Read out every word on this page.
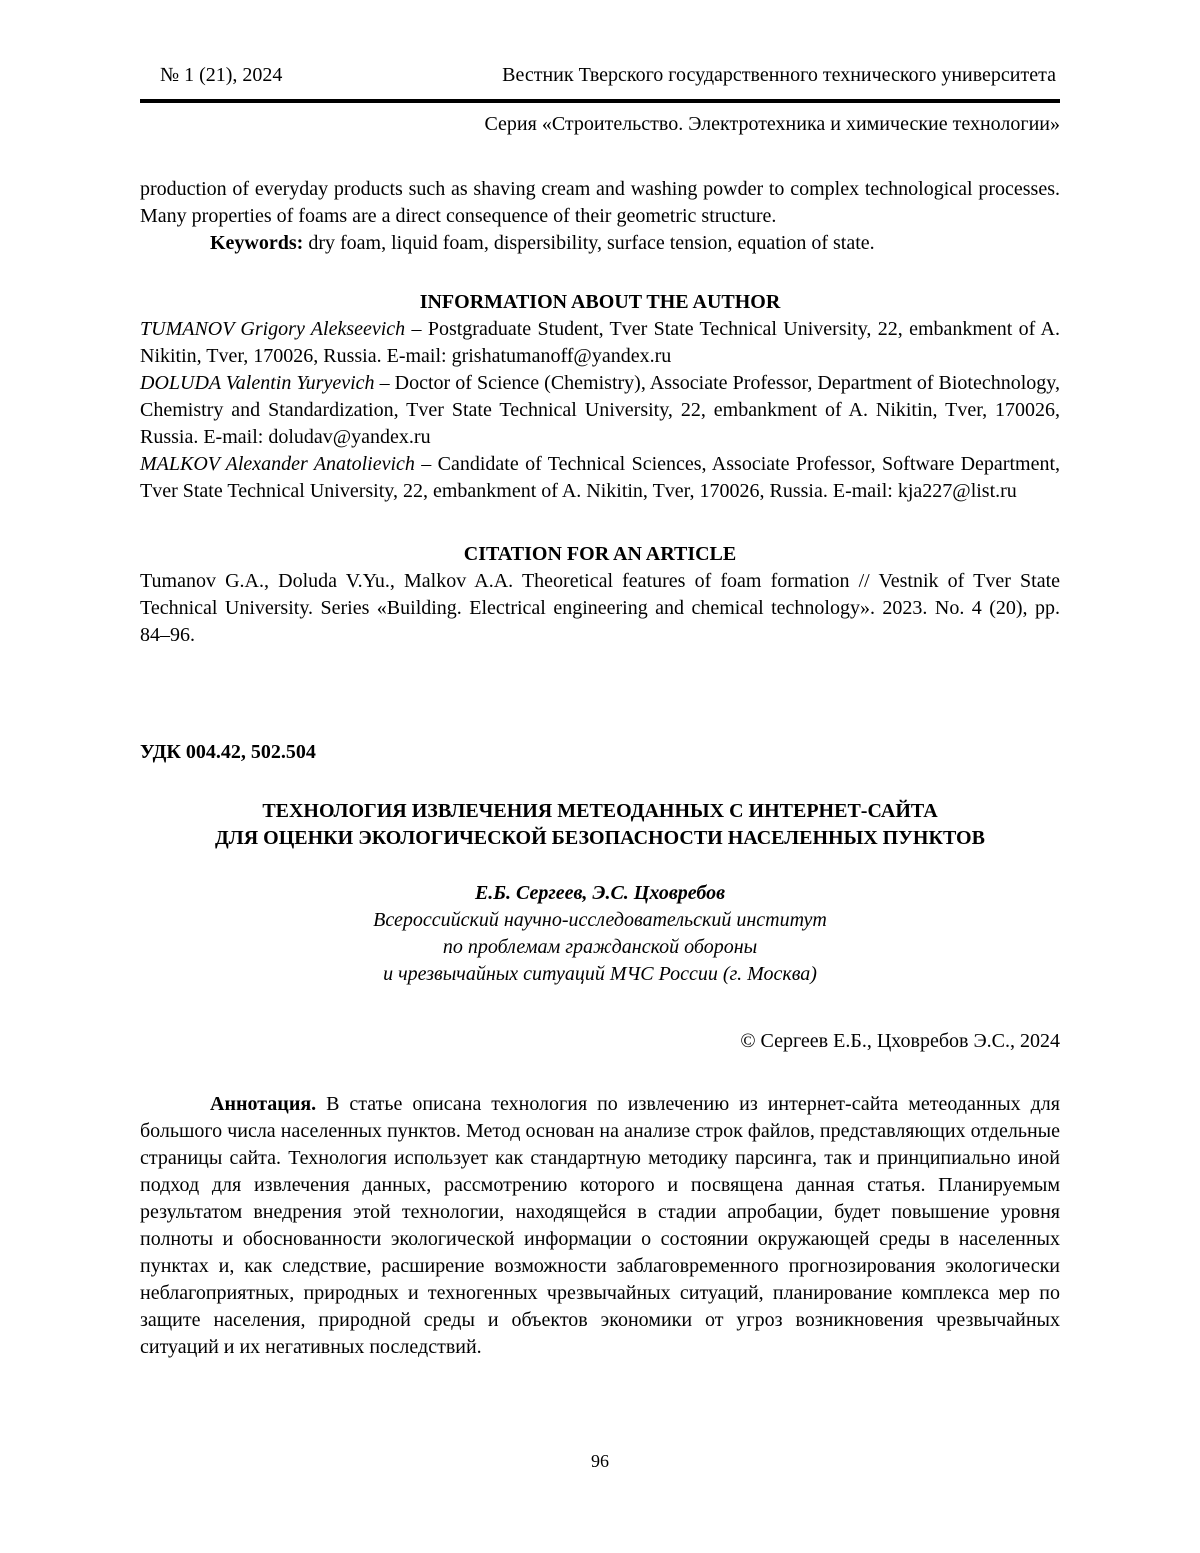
№ 1 (21), 2024	Вестник Тверского государственного технического университета
Серия «Строительство. Электротехника и химические технологии»

production of everyday products such as shaving cream and washing powder to complex technological processes. Many properties of foams are a direct consequence of their geometric structure.

Keywords: dry foam, liquid foam, dispersibility, surface tension, equation of state.

INFORMATION ABOUT THE AUTHOR

TUMANOV Grigory Alekseevich – Postgraduate Student, Tver State Technical University, 22, embankment of A. Nikitin, Tver, 170026, Russia. E-mail: grishatumanoff@yandex.ru

DOLUDA Valentin Yuryevich – Doctor of Science (Chemistry), Associate Professor, Department of Biotechnology, Chemistry and Standardization, Tver State Technical University, 22, embankment of A. Nikitin, Tver, 170026, Russia. E-mail: doludav@yandex.ru

MALKOV Alexander Anatolievich – Candidate of Technical Sciences, Associate Professor, Software Department, Tver State Technical University, 22, embankment of A. Nikitin, Tver, 170026, Russia. E-mail: kja227@list.ru

CITATION FOR AN ARTICLE

Tumanov G.A., Doluda V.Yu., Malkov A.A. Theoretical features of foam formation // Vestnik of Tver State Technical University. Series «Building. Electrical engineering and chemical technology». 2023. No. 4 (20), pp. 84–96.

УДК 004.42, 502.504

ТЕХНОЛОГИЯ ИЗВЛЕЧЕНИЯ МЕТЕОДАННЫХ С ИНТЕРНЕТ-САЙТА
ДЛЯ ОЦЕНКИ ЭКОЛОГИЧЕСКОЙ БЕЗОПАСНОСТИ НАСЕЛЕННЫХ ПУНКТОВ

Е.Б. Сергеев, Э.С. Цховребов

Всероссийский научно-исследовательский институт

по проблемам гражданской обороны

и чрезвычайных ситуаций МЧС России (г. Москва)

© Сергеев Е.Б., Цховребов Э.С., 2024

Аннотация. В статье описана технология по извлечению из интернет-сайта метеоданных для большого числа населенных пунктов. Метод основан на анализе строк файлов, представляющих отдельные страницы сайта. Технология использует как стандартную методику парсинга, так и принципиально иной подход для извлечения данных, рассмотрению которого и посвящена данная статья. Планируемым результатом внедрения этой технологии, находящейся в стадии апробации, будет повышение уровня полноты и обоснованности экологической информации о состоянии окружающей среды в населенных пунктах и, как следствие, расширение возможности заблаговременного прогнозирования экологически неблагоприятных, природных и техногенных чрезвычайных ситуаций, планирование комплекса мер по защите населения, природной среды и объектов экономики от угроз возникновения чрезвычайных ситуаций и их негативных последствий.

96
